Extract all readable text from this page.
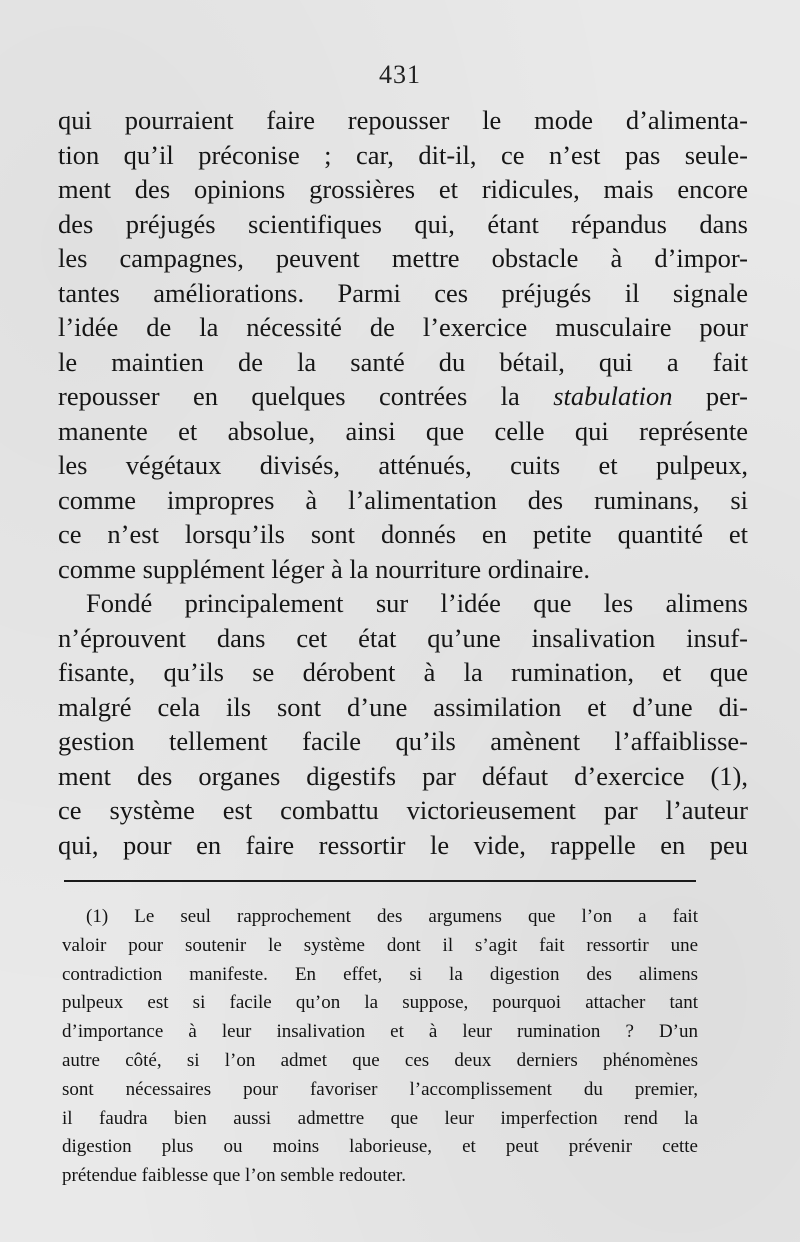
431
qui pourraient faire repousser le mode d’alimenta-
tion qu’il préconise ; car, dit-il, ce n’est pas seule-
ment des opinions grossières et ridicules, mais encore
des préjugés scientifiques qui, étant répandus dans
les campagnes, peuvent mettre obstacle à d’impor-
tantes améliorations. Parmi ces préjugés il signale
l’idée de la nécessité de l’exercice musculaire pour
le maintien de la santé du bétail, qui a fait
repousser en quelques contrées la stabulation per-
manente et absolue, ainsi que celle qui représente
les végétaux divisés, atténués, cuits et pulpeux,
comme impropres à l’alimentation des ruminans, si
ce n’est lorsqu’ils sont donnés en petite quantité et
comme supplément léger à la nourriture ordinaire.
Fondé principalement sur l’idée que les alimens
n’éprouvent dans cet état qu’une insalivation insuf-
fisante, qu’ils se dérobent à la rumination, et que
malgré cela ils sont d’une assimilation et d’une di-
gestion tellement facile qu’ils amènent l’affaiblisse-
ment des organes digestifs par défaut d’exercice (1),
ce système est combattu victorieusement par l’auteur
qui, pour en faire ressortir le vide, rappelle en peu
(1) Le seul rapprochement des argumens que l’on a fait
valoir pour soutenir le système dont il s’agit fait ressortir une
contradiction manifeste. En effet, si la digestion des alimens
pulpeux est si facile qu’on la suppose, pourquoi attacher tant
d’importance à leur insalivation et à leur rumination ? D’un
autre côté, si l’on admet que ces deux derniers phénomènes
sont nécessaires pour favoriser l’accomplissement du premier,
il faudra bien aussi admettre que leur imperfection rend la
digestion plus ou moins laborieuse, et peut prévenir cette
prétendue faiblesse que l’on semble redouter.
